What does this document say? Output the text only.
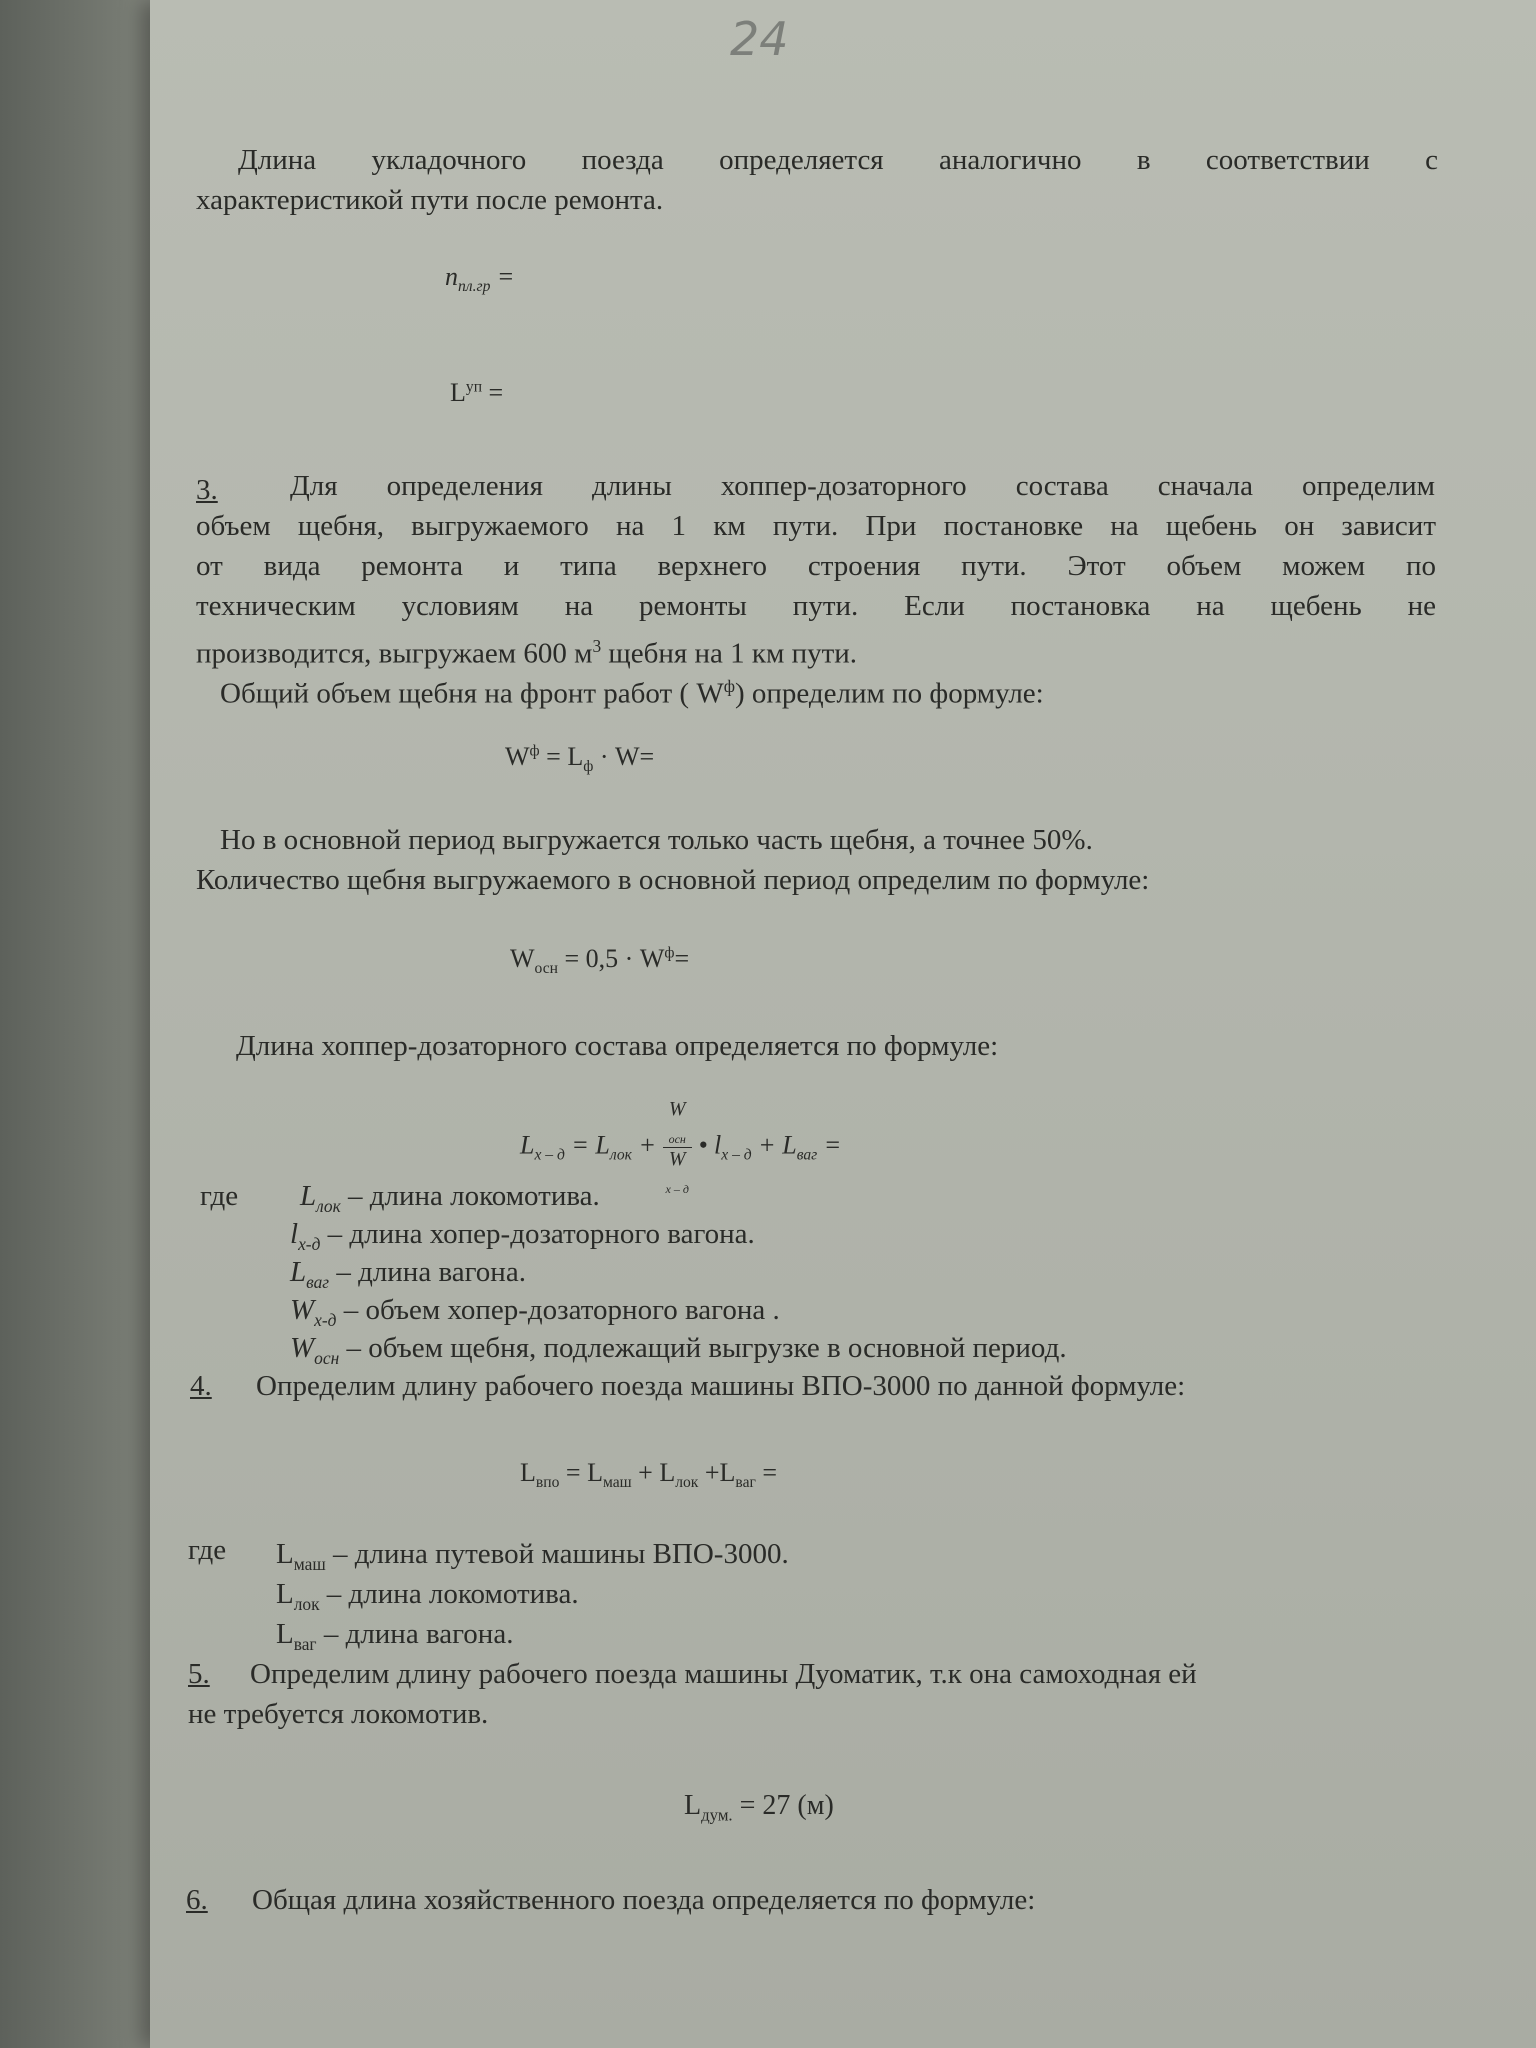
24
Длина укладочного поезда определяется аналогично в соответствии с
характеристикой пути после ремонта.
$n_{пл.гр}$ =
$L^{уп}$ =
3. Для определения длины хоппер-дозаторного состава сначала определим
объем щебня, выгружаемого на 1 км пути. При постановке на щебень он зависит
от вида ремонта и типа верхнего строения пути. Этот объем можем по
техническим условиям на ремонты пути. Если постановка на щебень не
производится, выгружаем 600 $м^3$ щебня на 1 км пути.
Общий объем щебня на фронт работ ( $W^ф$) определим по формуле:
$W^ф = L_ф \cdot W=$
Но в основной период выгружается только часть щебня, а точнее 50%.
Количество щебня выгружаемого в основной период определим по формуле:
$W_{осн} = 0,5 \cdot W^ф=$
Длина хоппер-дозаторного состава определяется по формуле:
$L_{х - д} = L_{лок} + W$
$_{осн}$
W
$_{х - д}$ • $l_{х - д} + L_{ваг}$ =
где $L_{лок}$ – длина локомотива.
$l_{х-д}$ – длина хопер-дозаторного вагона.
$L_{ваг}$ – длина вагона.
$W_{х-д}$ – объем хопер-дозаторного вагона .
$W_{осн}$ – объем щебня, подлежащий выгрузке в основной период.
4. Определим длину рабочего поезда машины ВПО-3000 по данной формуле:
$L_{впо} = L_{маш} + L_{лок} +L_{ваг}$ =
где $L_{маш}$ – длина путевой машины ВПО-3000.
$L_{лок}$ – длина локомотива.
$L_{ваг}$ – длина вагона.
5. Определим длину рабочего поезда машины Дуоматик, т.к она самоходная ей
не требуется локомотив.
$L_{дум.} = 27$ (м)
6. Общая длина хозяйственного поезда определяется по формуле:
